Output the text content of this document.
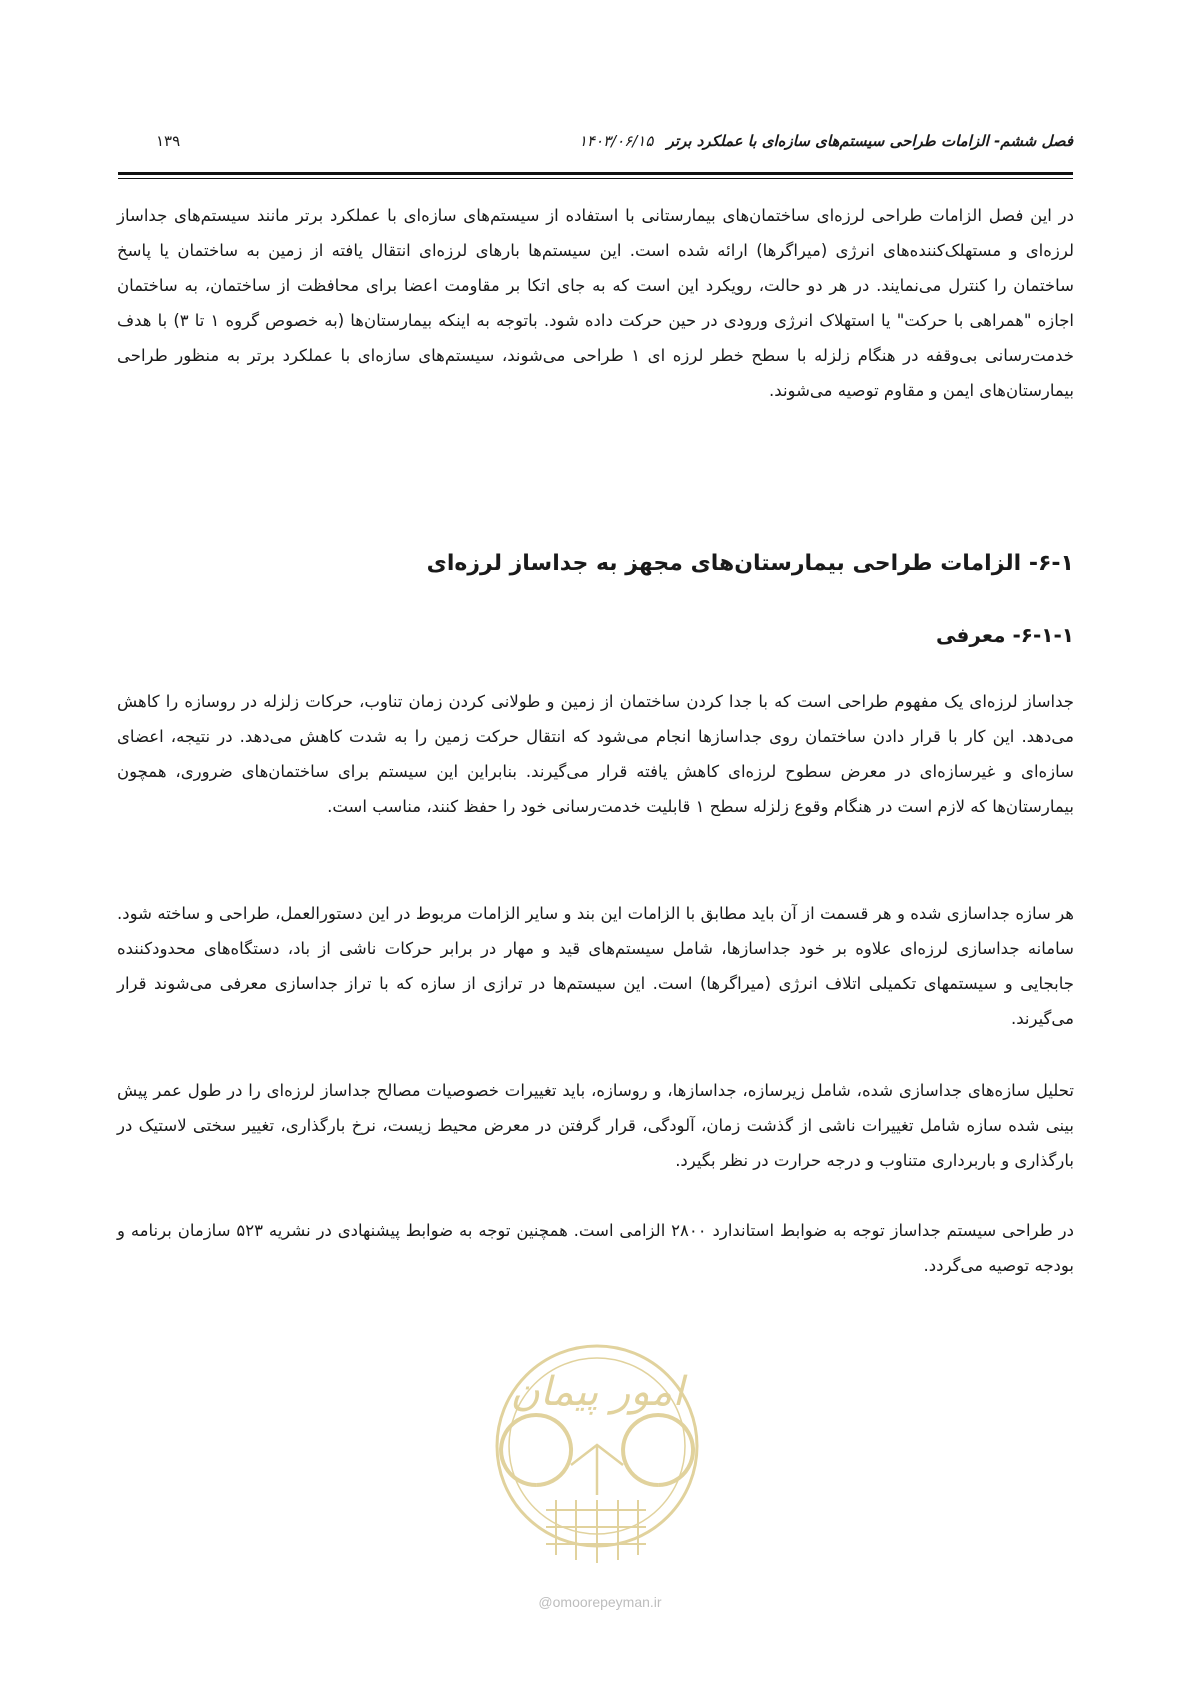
فصل ششم- الزامات طراحی سیستم‌های سازه‌ای با عملکرد برتر ۱۴۰۳/۰۶/۱۵
۱۳۹

در این فصل الزامات طراحی لرزه‌ای ساختمان‌های بیمارستانی با استفاده از سیستم‌های سازه‌ای با عملکرد برتر مانند سیستم‌های جداساز لرزه‌ای و مستهلک‌کننده‌های انرژی (میراگرها) ارائه شده است. این سیستم‌ها بارهای لرزه‌ای انتقال یافته از زمین به ساختمان یا پاسخ ساختمان را کنترل می‌نمایند. در هر دو حالت، رویکرد این است که به جای اتکا بر مقاومت اعضا برای محافظت از ساختمان، به ساختمان اجازه "همراهی با حرکت" یا استهلاک انرژی ورودی در حین حرکت داده شود. باتوجه به اینکه بیمارستان‌ها (به خصوص گروه ۱ تا ۳) با هدف خدمت‌رسانی بی‌وقفه در هنگام زلزله با سطح خطر لرزه ای ۱ طراحی می‌شوند، سیستم‌های سازه‌ای با عملکرد برتر به منظور طراحی بیمارستان‌های ایمن و مقاوم توصیه می‌شوند.

۶-۱- الزامات طراحی بیمارستان‌های مجهز به جداساز لرزه‌ای
۶-۱-۱- معرفی

جداساز لرزه‌ای یک مفهوم طراحی است که با جدا کردن ساختمان از زمین و طولانی کردن زمان تناوب، حرکات زلزله در روسازه را کاهش می‌دهد. این کار با قرار دادن ساختمان روی جداسازها انجام می‌شود که انتقال حرکت زمین را به شدت کاهش می‌دهد. در نتیجه، اعضای سازه‌ای و غیرسازه‌ای در معرض سطوح لرزه‌ای کاهش یافته قرار می‌گیرند. بنابراین این سیستم برای ساختمان‌های ضروری، همچون بیمارستان‌ها که لازم است در هنگام وقوع زلزله سطح ۱ قابلیت خدمت‌رسانی خود را حفظ کنند، مناسب است.

هر سازه جداسازی شده و هر قسمت از آن باید مطابق با الزامات این بند و سایر الزامات مربوط در این دستورالعمل، طراحی و ساخته شود. سامانه جداسازی لرزه‌ای علاوه بر خود جداسازها، شامل سیستم‌های قید و مهار در برابر حرکات ناشی از باد، دستگاه‌های محدودکننده جابجایی و سیستمهای تکمیلی اتلاف انرژی (میراگرها) است. این سیستم‌ها در ترازی از سازه که با تراز جداسازی معرفی می‌شوند قرار می‌گیرند.

تحلیل سازه‌های جداسازی شده، شامل زیرسازه، جداسازها، و روسازه، باید تغییرات خصوصیات مصالح جداساز لرزه‌ای را در طول عمر پیش بینی شده سازه شامل تغییرات ناشی از گذشت زمان، آلودگی، قرار گرفتن در معرض محیط زیست، نرخ بارگذاری، تغییر سختی لاستیک در بارگذاری و باربرداری متناوب و درجه حرارت در نظر بگیرد.

در طراحی سیستم جداساز توجه به ضوابط استاندارد ۲۸۰۰ الزامی است. همچنین توجه به ضوابط پیشنهادی در نشریه ۵۲۳ سازمان برنامه و بودجه توصیه می‌گردد.

امور پیمان
@omoorepeyman.ir
